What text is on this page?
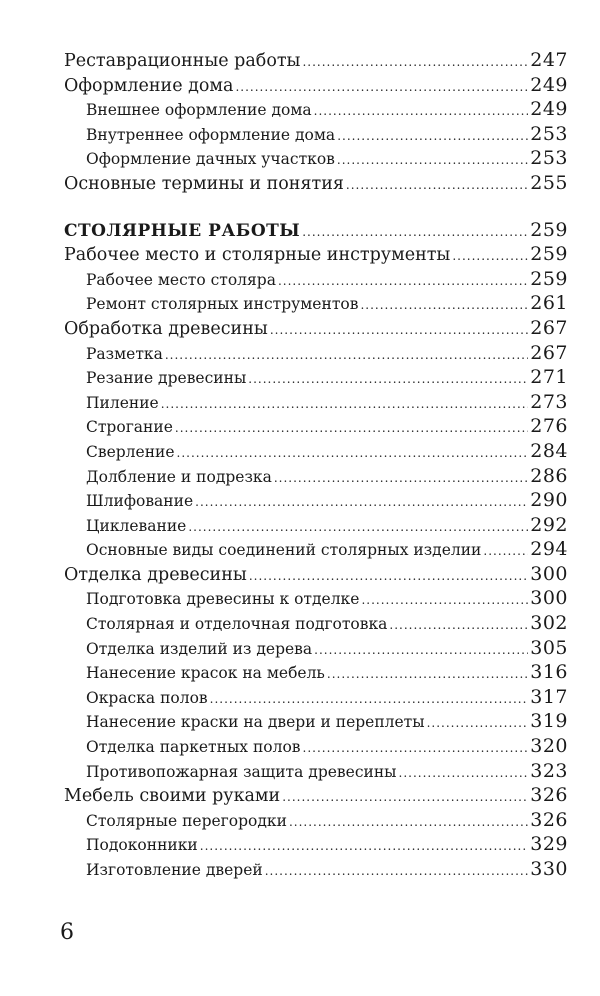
Реставрационные работы .....	247
Оформление дома .....	249
Внешнее оформление дома .....	249
Внутреннее оформление дома .....	253
Оформление дачных участков .....	253
Основные термины и понятия .....	255
СТОЛЯРНЫЕ РАБОТЫ .....	259
Рабочее место и столярные инструменты .....	259
Рабочее место столяра .....	259
Ремонт столярных инструментов .....	261
Обработка древесины .....	267
Разметка .....	267
Резание древесины .....	271
Пиление .....	273
Строгание .....	276
Сверление .....	284
Долбление и подрезка .....	286
Шлифование .....	290
Циклевание .....	292
Основные виды соединений столярных изделии .....	294
Отделка древесины .....	300
Подготовка древесины к отделке .....	300
Столярная и отделочная подготовка .....	302
Отделка изделий из дерева .....	305
Нанесение красок на мебель .....	316
Окраска полов .....	317
Нанесение краски на двери и переплеты .....	319
Отделка паркетных полов .....	320
Противопожарная защита древесины .....	323
Мебель своими руками .....	326
Столярные перегородки .....	326
Подоконники .....	329
Изготовление дверей .....	330
6
